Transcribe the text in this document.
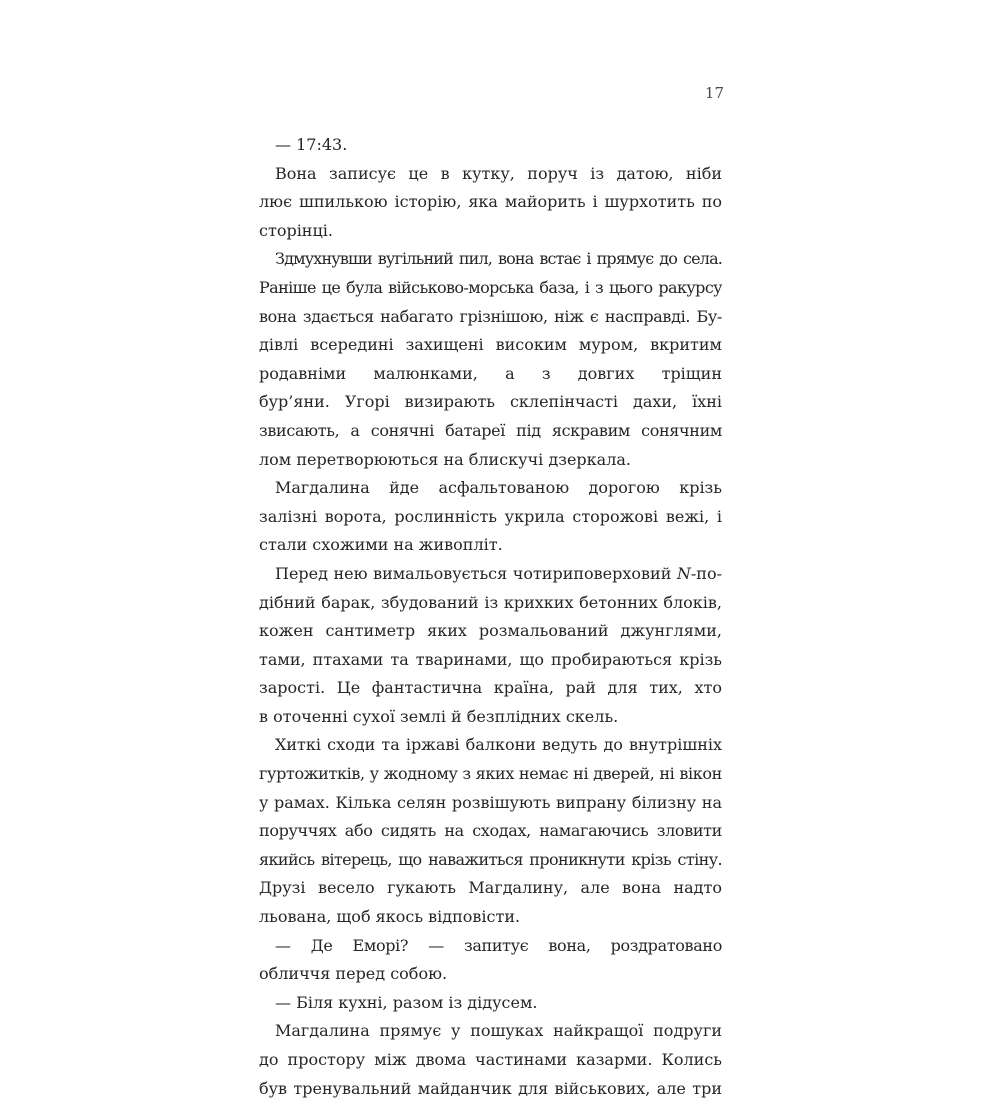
17
— 17:43.
Вона записує це в кутку, поруч із датою, ніби
лює шпилькою історію, яка майорить і шурхотить по
сторінці.
Здмухнувши вугільний пил, вона встає і прямує до села.
Раніше це була військово-морська база, і з цього ракурсу
вона здається набагато грізнішою, ніж є насправді. Бу-
дівлі всередині захищені високим муром, вкритим
родавніми малюнками, а з довгих тріщин
бур’яни. Угорі визирають склепінчасті дахи, їхні
звисають, а сонячні батареї під яскравим сонячним
лом перетворюються на блискучі дзеркала.
Магдалина йде асфальтованою дорогою крізь
залізні ворота, рослинність укрила сторожові вежі, і
стали схожими на живопліт.
Перед нею вимальовується чотириповерховий N-по-
дібний барак, збудований із крихких бетонних блоків,
кожен сантиметр яких розмальований джунглями,
тами, птахами та тваринами, що пробираються крізь
зарості. Це фантастична країна, рай для тих, хто
в оточенні сухої землі й безплідних скель.
Хиткі сходи та іржаві балкони ведуть до внутрішніх
гуртожитків, у жодному з яких немає ні дверей, ні вікон
у рамах. Кілька селян розвішують випрану білизну на
поруччях або сидять на сходах, намагаючись зловити
якийсь вітерець, що наважиться проникнути крізь стіну.
Друзі весело гукають Магдалину, але вона надто
льована, щоб якось відповісти.
— Де Еморі? — запитує вона, роздратовано
обличчя перед собою.
— Біля кухні, разом із дідусем.
Магдалина прямує у пошуках найкращої подруги
до простору між двома частинами казарми. Колись
був тренувальний майданчик для військових, але три
